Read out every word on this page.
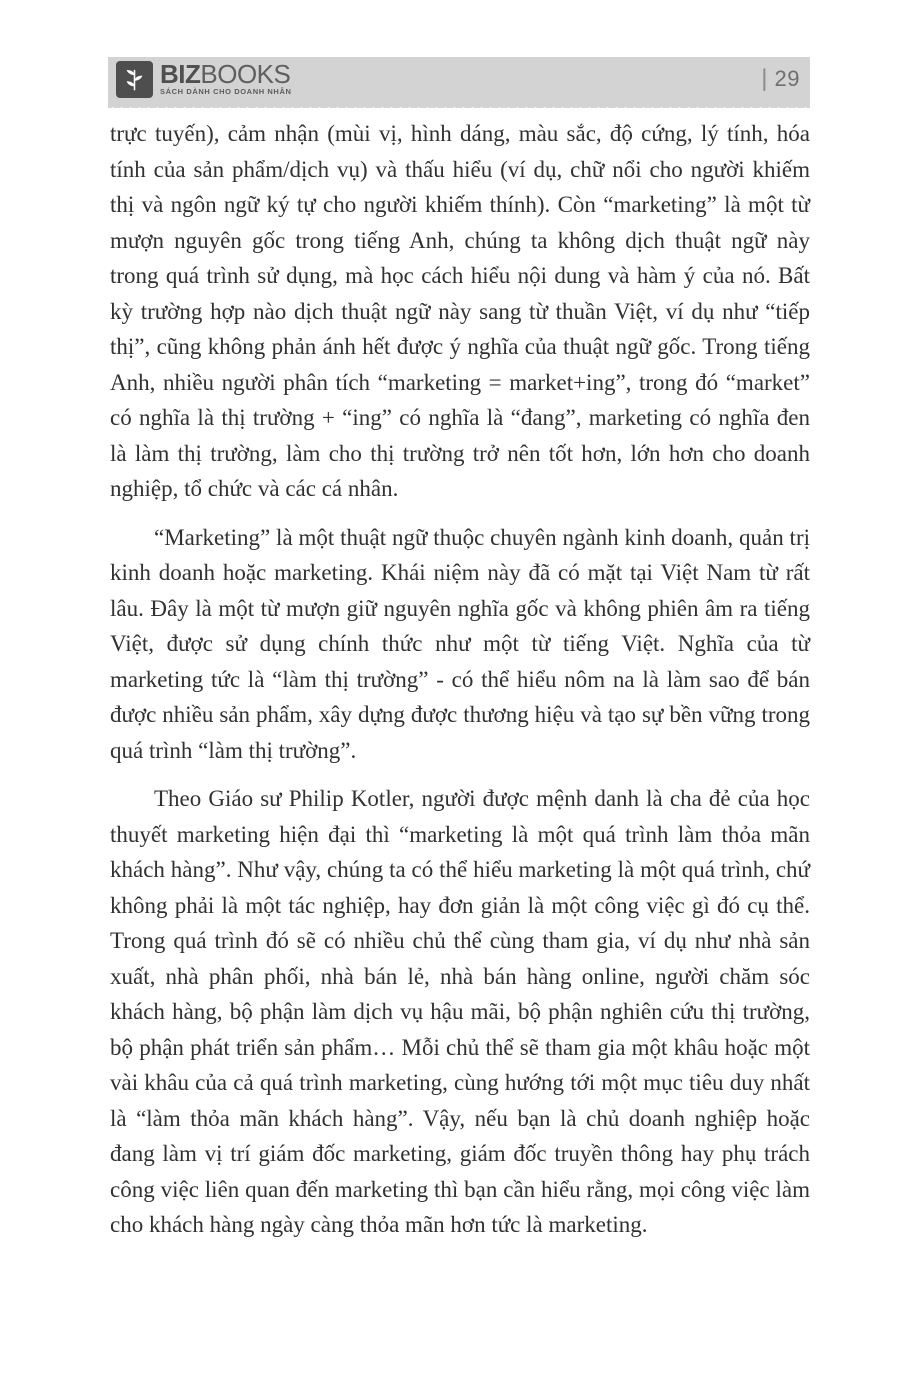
BIZBOOKS
SÁCH DÀNH CHO DOANH NHÂN	| 29

trực tuyến), cảm nhận (mùi vị, hình dáng, màu sắc, độ cứng, lý tính, hóa tính của sản phẩm/dịch vụ) và thấu hiểu (ví dụ, chữ nổi cho người khiếm thị và ngôn ngữ ký tự cho người khiếm thính). Còn “marketing” là một từ mượn nguyên gốc trong tiếng Anh, chúng ta không dịch thuật ngữ này trong quá trình sử dụng, mà học cách hiểu nội dung và hàm ý của nó. Bất kỳ trường hợp nào dịch thuật ngữ này sang từ thuần Việt, ví dụ như “tiếp thị”, cũng không phản ánh hết được ý nghĩa của thuật ngữ gốc. Trong tiếng Anh, nhiều người phân tích “marketing = market+ing”, trong đó “market” có nghĩa là thị trường + “ing” có nghĩa là “đang”, marketing có nghĩa đen là làm thị trường, làm cho thị trường trở nên tốt hơn, lớn hơn cho doanh nghiệp, tổ chức và các cá nhân.

“Marketing” là một thuật ngữ thuộc chuyên ngành kinh doanh, quản trị kinh doanh hoặc marketing. Khái niệm này đã có mặt tại Việt Nam từ rất lâu. Đây là một từ mượn giữ nguyên nghĩa gốc và không phiên âm ra tiếng Việt, được sử dụng chính thức như một từ tiếng Việt. Nghĩa của từ marketing tức là “làm thị trường” - có thể hiểu nôm na là làm sao để bán được nhiều sản phẩm, xây dựng được thương hiệu và tạo sự bền vững trong quá trình “làm thị trường”.

Theo Giáo sư Philip Kotler, người được mệnh danh là cha đẻ của học thuyết marketing hiện đại thì “marketing là một quá trình làm thỏa mãn khách hàng”. Như vậy, chúng ta có thể hiểu marketing là một quá trình, chứ không phải là một tác nghiệp, hay đơn giản là một công việc gì đó cụ thể. Trong quá trình đó sẽ có nhiều chủ thể cùng tham gia, ví dụ như nhà sản xuất, nhà phân phối, nhà bán lẻ, nhà bán hàng online, người chăm sóc khách hàng, bộ phận làm dịch vụ hậu mãi, bộ phận nghiên cứu thị trường, bộ phận phát triển sản phẩm… Mỗi chủ thể sẽ tham gia một khâu hoặc một vài khâu của cả quá trình marketing, cùng hướng tới một mục tiêu duy nhất là “làm thỏa mãn khách hàng”. Vậy, nếu bạn là chủ doanh nghiệp hoặc đang làm vị trí giám đốc marketing, giám đốc truyền thông hay phụ trách công việc liên quan đến marketing thì bạn cần hiểu rằng, mọi công việc làm cho khách hàng ngày càng thỏa mãn hơn tức là marketing.
